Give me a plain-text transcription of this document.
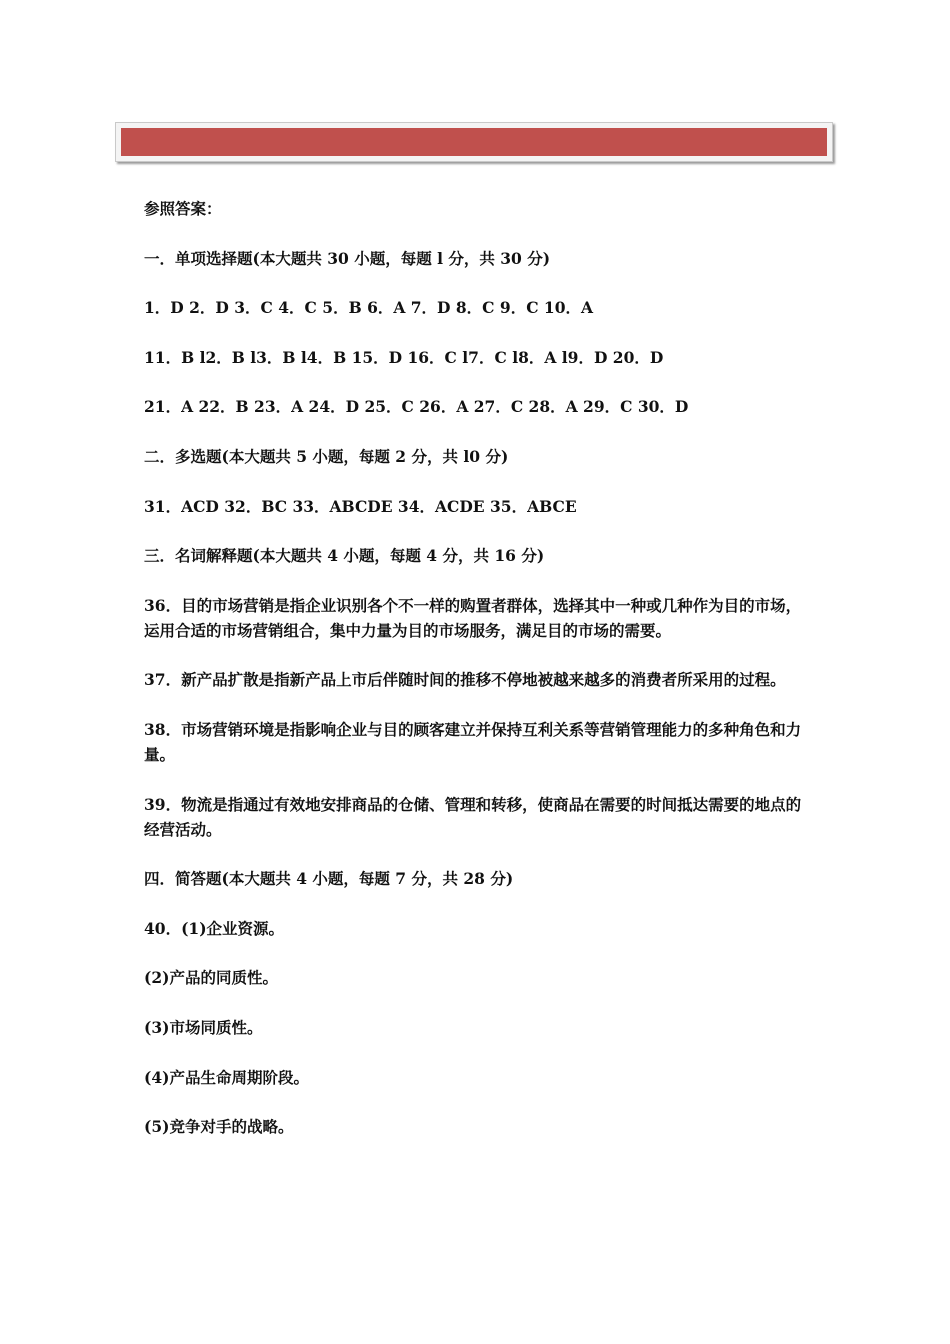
参照答案：

一．单项选择题(本大题共 30 小题，每题 l 分，共 30 分)

1．D 2．D 3．C 4．C 5．B 6．A 7．D 8．C 9．C 10．A

11．B l2．B l3．B l4．B 15．D 16．C l7．C l8．A l9．D 20．D

21．A 22．B 23．A 24．D 25．C 26．A 27．C 28．A 29．C 30．D

二．多选题(本大题共 5 小题，每题 2 分，共 l0 分)

31．ACD 32．BC 33．ABCDE 34．ACDE 35．ABCE

三．名词解释题(本大题共 4 小题，每题 4 分，共 16 分)

36．目的市场营销是指企业识别各个不一样的购置者群体，选择其中一种或几种作为目的市场，运用合适的市场营销组合，集中力量为目的市场服务，满足目的市场的需要。

37．新产品扩散是指新产品上市后伴随时间的推移不停地被越来越多的消费者所采用的过程。

38．市场营销环境是指影响企业与目的顾客建立并保持互利关系等营销管理能力的多种角色和力量。

39．物流是指通过有效地安排商品的仓储、管理和转移，使商品在需要的时间抵达需要的地点的经营活动。

四．简答题(本大题共 4 小题，每题 7 分，共 28 分)

40．(1)企业资源。

(2)产品的同质性。

(3)市场同质性。

(4)产品生命周期阶段。

(5)竞争对手的战略。
